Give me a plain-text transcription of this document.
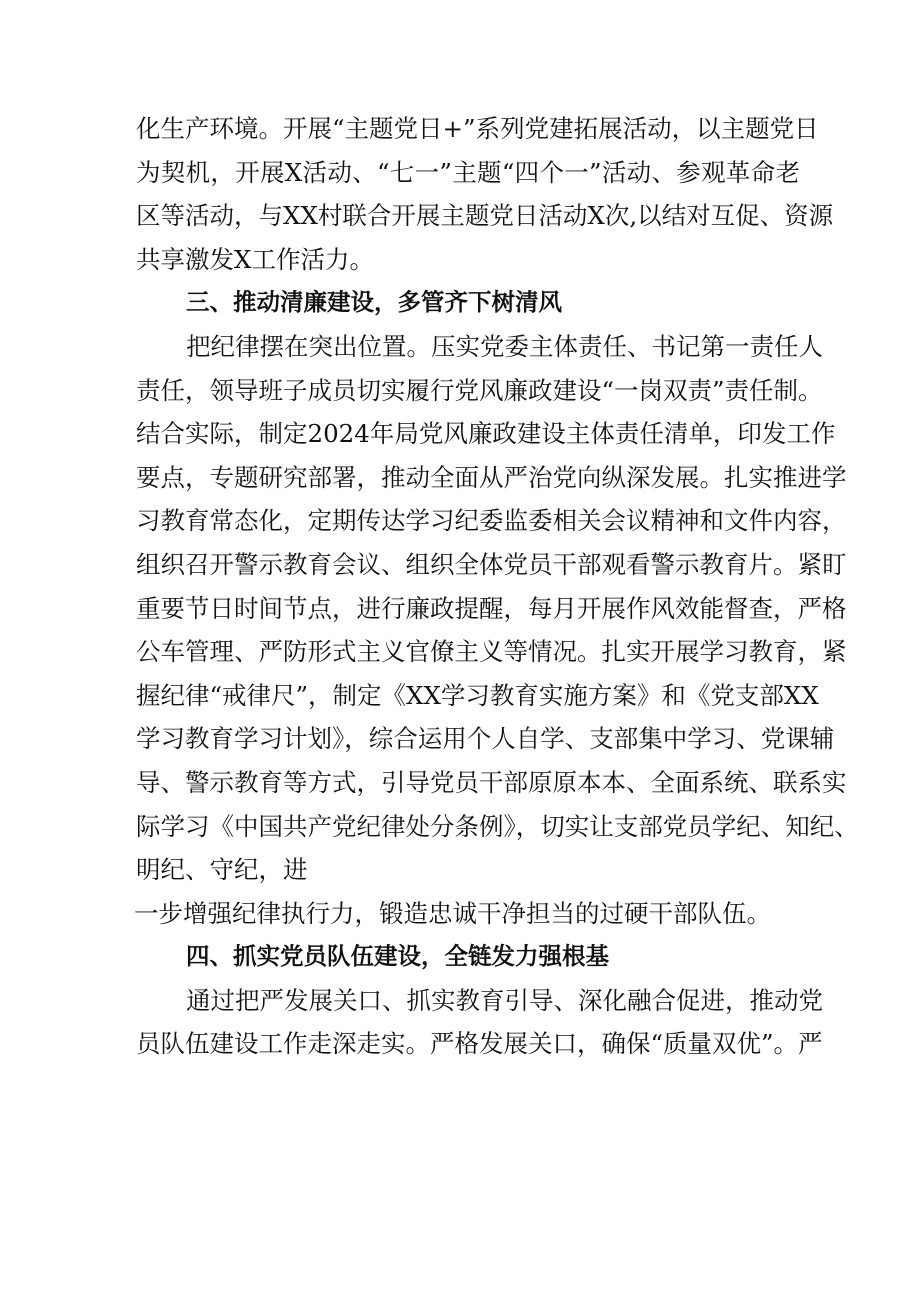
化生产环境。开展“主题党日+”系列党建拓展活动，以主题党日
为契机，开展X活动、“七一”主题“四个一”活动、参观革命老
区等活动，与XX村联合开展主题党日活动X次,以结对互促、资源
共享激发X工作活力。
三、推动清廉建设，多管齐下树清风
把纪律摆在突出位置。压实党委主体责任、书记第一责任人
责任，领导班子成员切实履行党风廉政建设“一岗双责”责任制。
结合实际，制定2024年局党风廉政建设主体责任清单，印发工作
要点，专题研究部署，推动全面从严治党向纵深发展。扎实推进学
习教育常态化，定期传达学习纪委监委相关会议精神和文件内容，
组织召开警示教育会议、组织全体党员干部观看警示教育片。紧盯
重要节日时间节点，进行廉政提醒，每月开展作风效能督查，严格
公车管理、严防形式主义官僚主义等情况。扎实开展学习教育，紧
握纪律“戒律尺”，制定《XX学习教育实施方案》和《党支部XX
学习教育学习计划》，综合运用个人自学、支部集中学习、党课辅
导、警示教育等方式，引导党员干部原原本本、全面系统、联系实
际学习《中国共产党纪律处分条例》，切实让支部党员学纪、知纪、
明纪、守纪，进
一步增强纪律执行力，锻造忠诚干净担当的过硬干部队伍。
四、抓实党员队伍建设，全链发力强根基
通过把严发展关口、抓实教育引导、深化融合促进，推动党
员队伍建设工作走深走实。严格发展关口，确保“质量双优”。严
